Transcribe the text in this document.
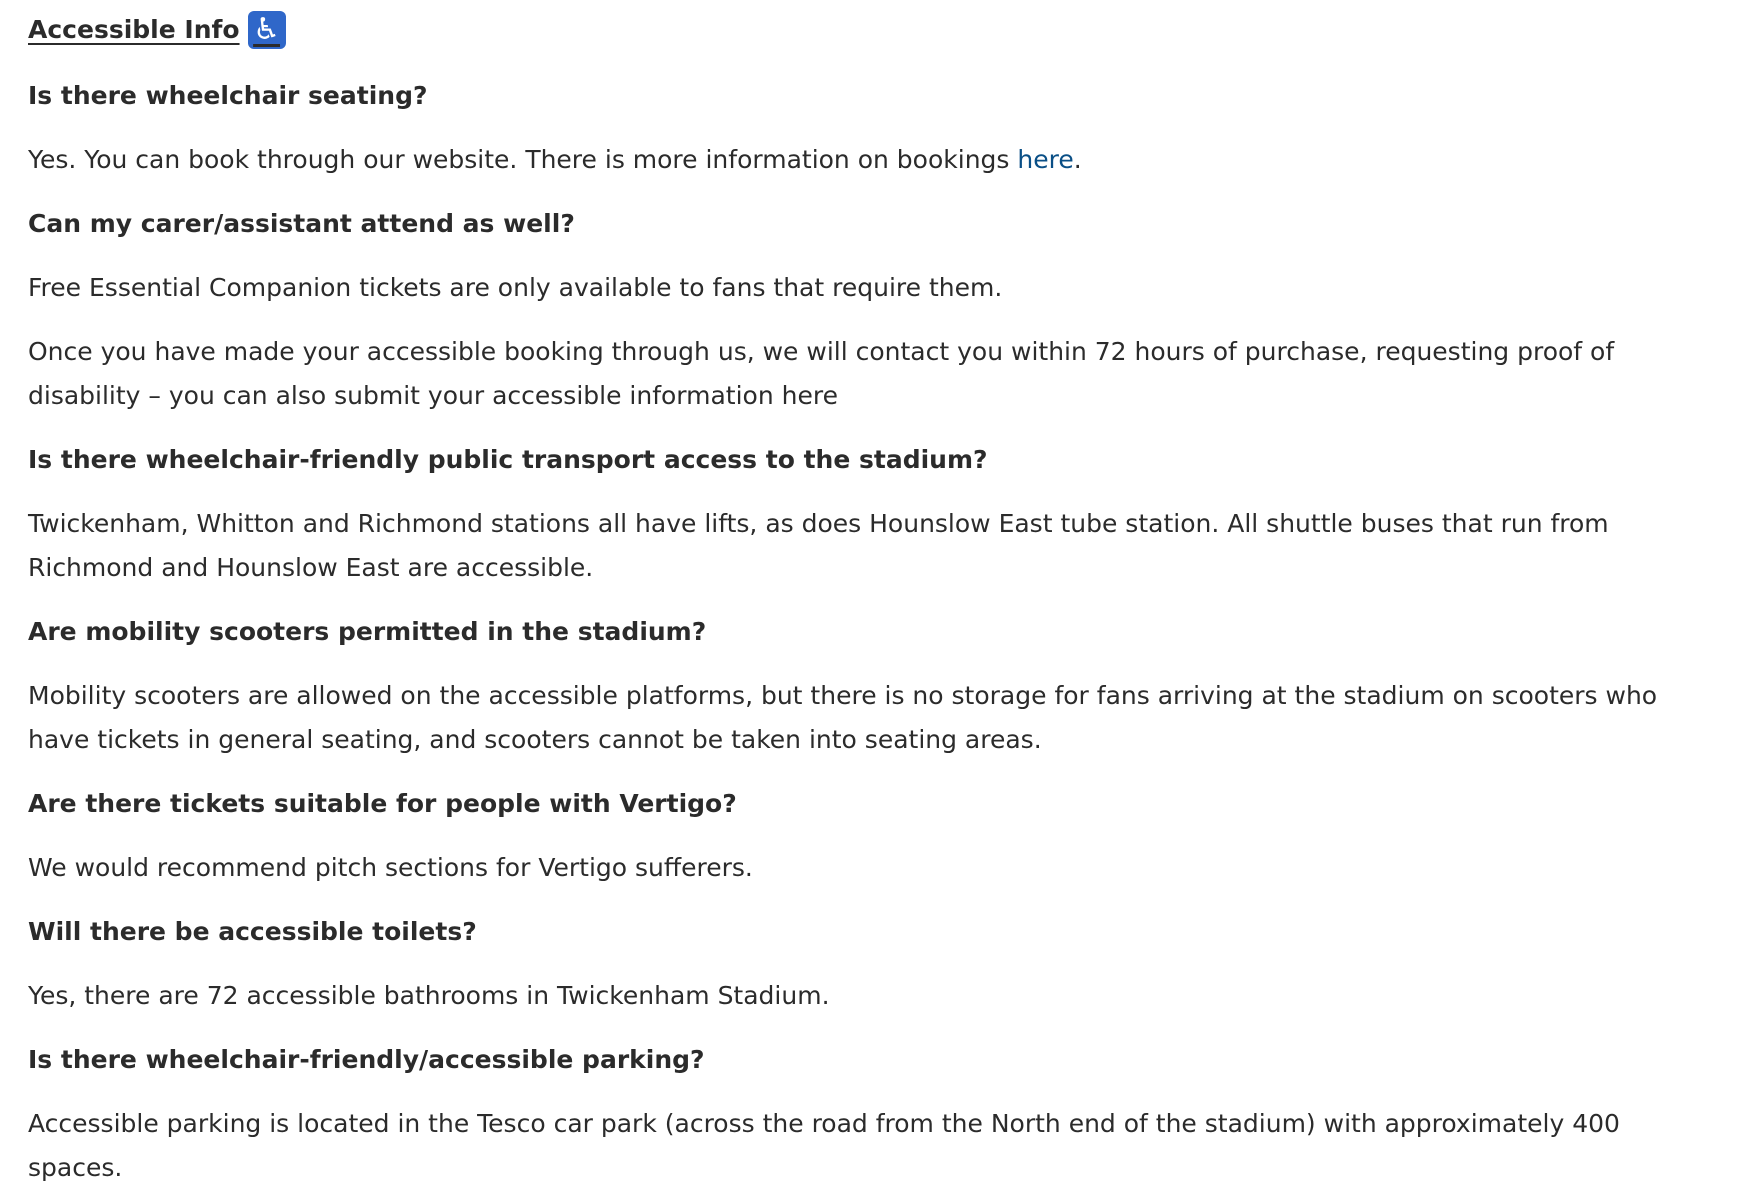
Accessible Info ♿
Is there wheelchair seating?
Yes. You can book through our website. There is more information on bookings here.
Can my carer/assistant attend as well?
Free Essential Companion tickets are only available to fans that require them.
Once you have made your accessible booking through us, we will contact you within 72 hours of purchase, requesting proof of disability – you can also submit your accessible information here
Is there wheelchair-friendly public transport access to the stadium?
Twickenham, Whitton and Richmond stations all have lifts, as does Hounslow East tube station. All shuttle buses that run from Richmond and Hounslow East are accessible.
Are mobility scooters permitted in the stadium?
Mobility scooters are allowed on the accessible platforms, but there is no storage for fans arriving at the stadium on scooters who have tickets in general seating, and scooters cannot be taken into seating areas.
Are there tickets suitable for people with Vertigo?
We would recommend pitch sections for Vertigo sufferers.
Will there be accessible toilets?
Yes, there are 72 accessible bathrooms in Twickenham Stadium.
Is there wheelchair-friendly/accessible parking?
Accessible parking is located in the Tesco car park (across the road from the North end of the stadium) with approximately 400 spaces.
